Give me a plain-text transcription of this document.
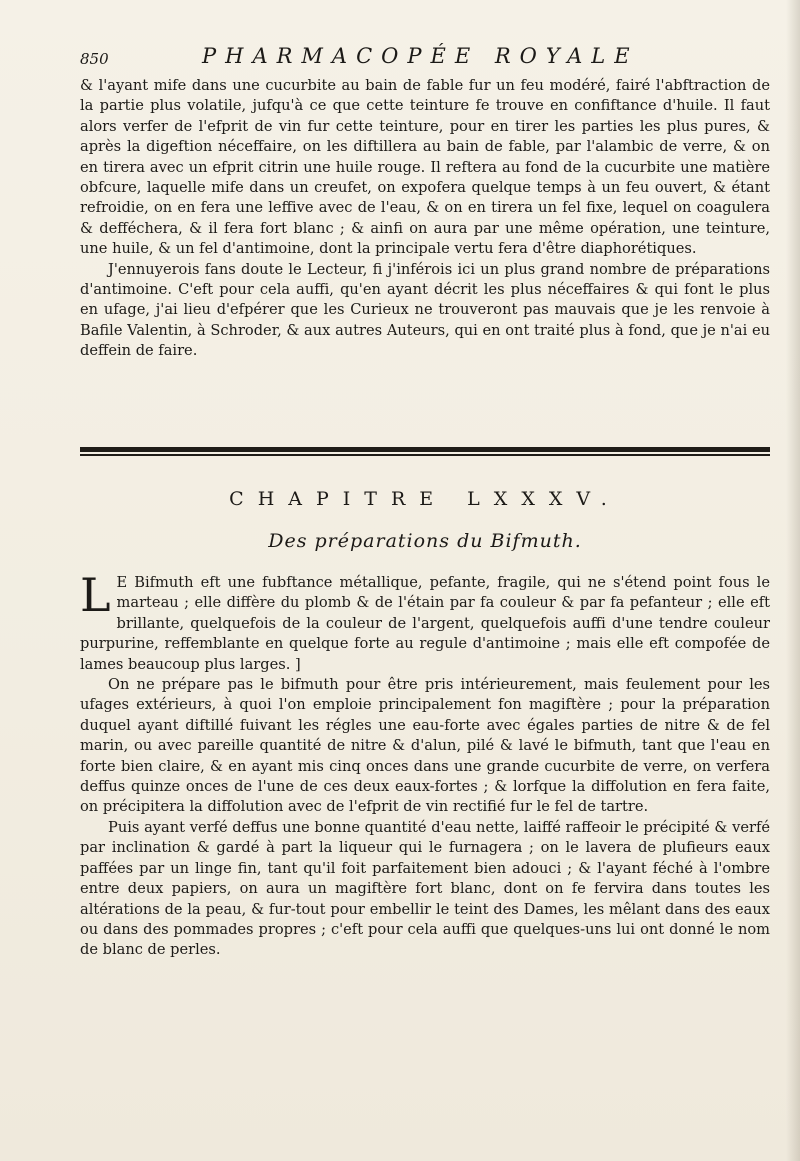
850	PHARMACOPÉE ROYALE

& l'ayant mife dans une cucurbite au bain de fable fur un feu modéré, fairé l'abftraction de la partie plus volatile, jufqu'à ce que cette teinture fe trouve en confiftance d'huile. Il faut alors verfer de l'efprit de vin fur cette teinture, pour en tirer les parties les plus pures, & après la digeftion néceffaire, on les diftillera au bain de fable, par l'alambic de verre, & on en tirera avec un efprit citrin une huile rouge. Il reftera au fond de la cucurbite une matière obfcure, laquelle mife dans un creufet, on expofera quelque temps à un feu ouvert, & étant refroidie, on en fera une leffive avec de l'eau, & on en tirera un fel fixe, lequel on coagulera & defféchera, & il fera fort blanc ; & ainfi on aura par une même opération, une teinture, une huile, & un fel d'antimoine, dont la principale vertu fera d'être diaphorétiques.

J'ennuyerois fans doute le Lecteur, fi j'inférois ici un plus grand nombre de préparations d'antimoine. C'eft pour cela auffi, qu'en ayant décrit les plus néceffaires & qui font le plus en ufage, j'ai lieu d'efpérer que les Curieux ne trouveront pas mauvais que je les renvoie à Bafile Valentin, à Schroder, & aux autres Auteurs, qui en ont traité plus à fond, que je n'ai eu deffein de faire.

CHAPITRE LXXXV.
Des préparations du Bifmuth.

L E Bifmuth eft une fubftance métallique, pefante, fragile, qui ne s'étend point fous le marteau ; elle diffère du plomb & de l'étain par fa couleur & par fa pefanteur ; elle eft brillante, quelquefois de la couleur de l'argent, quelquefois auffi d'une tendre couleur purpurine, reffemblante en quelque forte au regule d'antimoine ; mais elle eft compofée de lames beaucoup plus larges. ]

On ne prépare pas le bifmuth pour être pris intérieurement, mais feulement pour les ufages extérieurs, à quoi l'on emploie principalement fon magiftère ; pour la préparation duquel ayant diftillé fuivant les régles une eau-forte avec égales parties de nitre & de fel marin, ou avec pareille quantité de nitre & d'alun, pilé & lavé le bifmuth, tant que l'eau en forte bien claire, & en ayant mis cinq onces dans une grande cucurbite de verre, on verfera deffus quinze onces de l'une de ces deux eaux-fortes ; & lorfque la diffolution en fera faite, on précipitera la diffolution avec de l'efprit de vin rectifié fur le fel de tartre.

Puis ayant verfé deffus une bonne quantité d'eau nette, laiffé raffeoir le précipité & verfé par inclination & gardé à part la liqueur qui le furnagera ; on le lavera de plufieurs eaux paffées par un linge fin, tant qu'il foit parfaitement bien adouci ; & l'ayant féché à l'ombre entre deux papiers, on aura un magiftère fort blanc, dont on fe fervira dans toutes les altérations de la peau, & fur-tout pour embellir le teint des Dames, les mêlant dans des eaux ou dans des pommades propres ; c'eft pour cela auffi que quelques-uns lui ont donné le nom de blanc de perles.
